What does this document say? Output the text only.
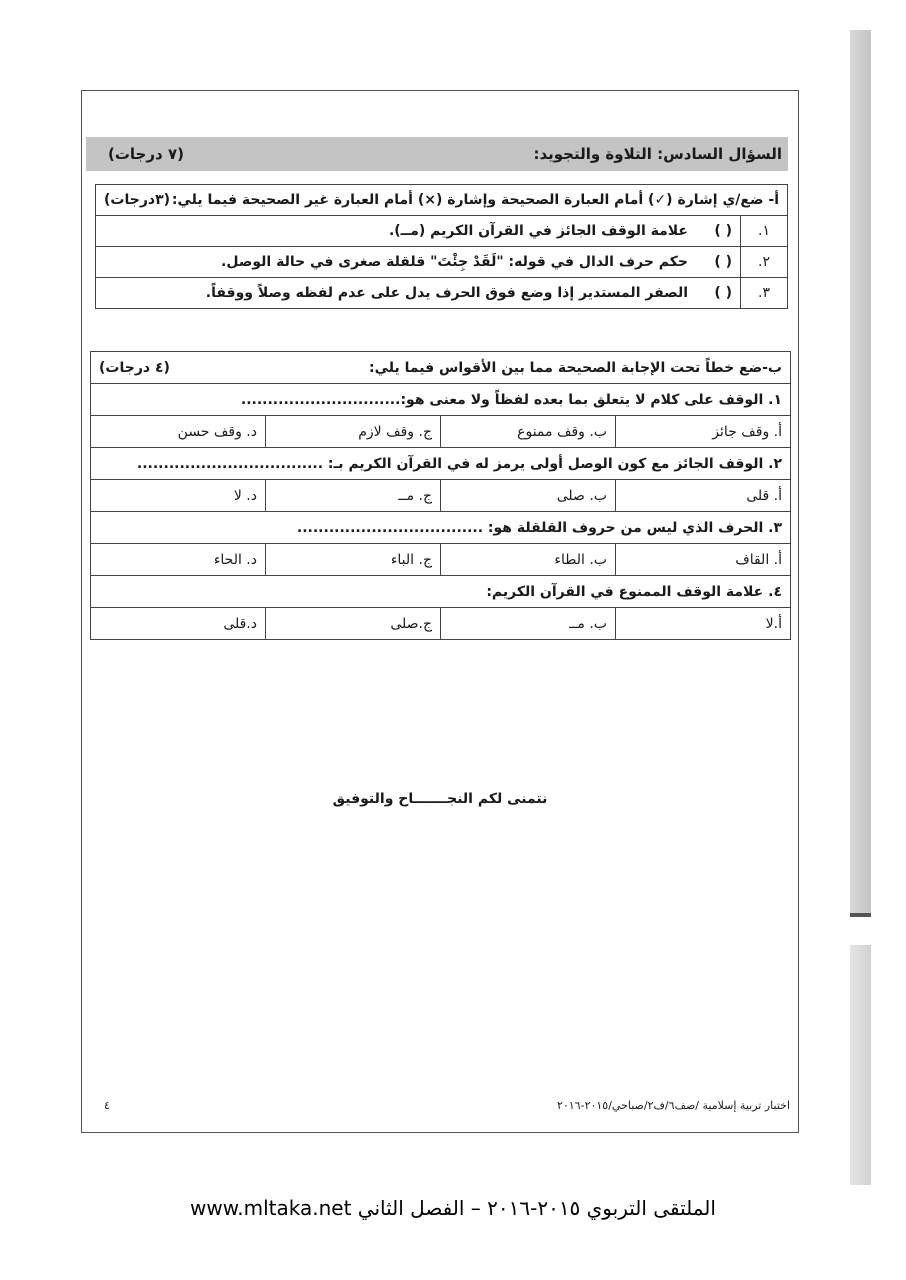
السؤال السادس: التلاوة والتجويد:
(٧ درجات)
أ- ضع/ي إشارة (✓) أمام العبارة الصحيحة وإشارة (×) أمام العبارة غير الصحيحة فيما يلي:
(٣درجات)	

١.	( )علامة الوقف الجائز في القرآن الكريم (مــ).
٢.	( )حكم حرف الدال في قوله: "لَقَدْ جِئْتَ" قلقلة صغرى في حالة الوصل.
٣.	( )الصفر المستدير إذا وضع فوق الحرف يدل على عدم لفظه وصلاً ووقفاً.
ب-ضع خطاً تحت الإجابة الصحيحة مما بين الأقواس فيما يلي:
(٤ درجات)			

١. الوقف على كلام لا يتعلق بما بعده لفظاً ولا معنى هو:..............................			
أ. وقف جائز	ب. وقف ممنوع	ج. وقف لازم	د. وقف حسن
٢. الوقف الجائز مع كون الوصل أولى يرمز له في القرآن الكريم بـ: ...................................			
أ. قلى	ب. صلى	ج. مــ	د. لا
٣. الحرف الذي ليس من حروف القلقلة هو: ...................................			
أ. القاف	ب. الطاء	ج. الباء	د. الحاء
٤. علامة الوقف الممنوع في القرآن الكريم:			
أ.لا	ب. مــ	ج.صلى	د.قلى
نتمنى لكم النجـــــــاح والتوفيق
اختبار تربية إسلامية /صف٦/ف٢/صباحي/٢٠١٥-٢٠١٦
٤
الملتقى التربوي ٢٠١٥-٢٠١٦ – الفصل الثاني www.mltaka.net
